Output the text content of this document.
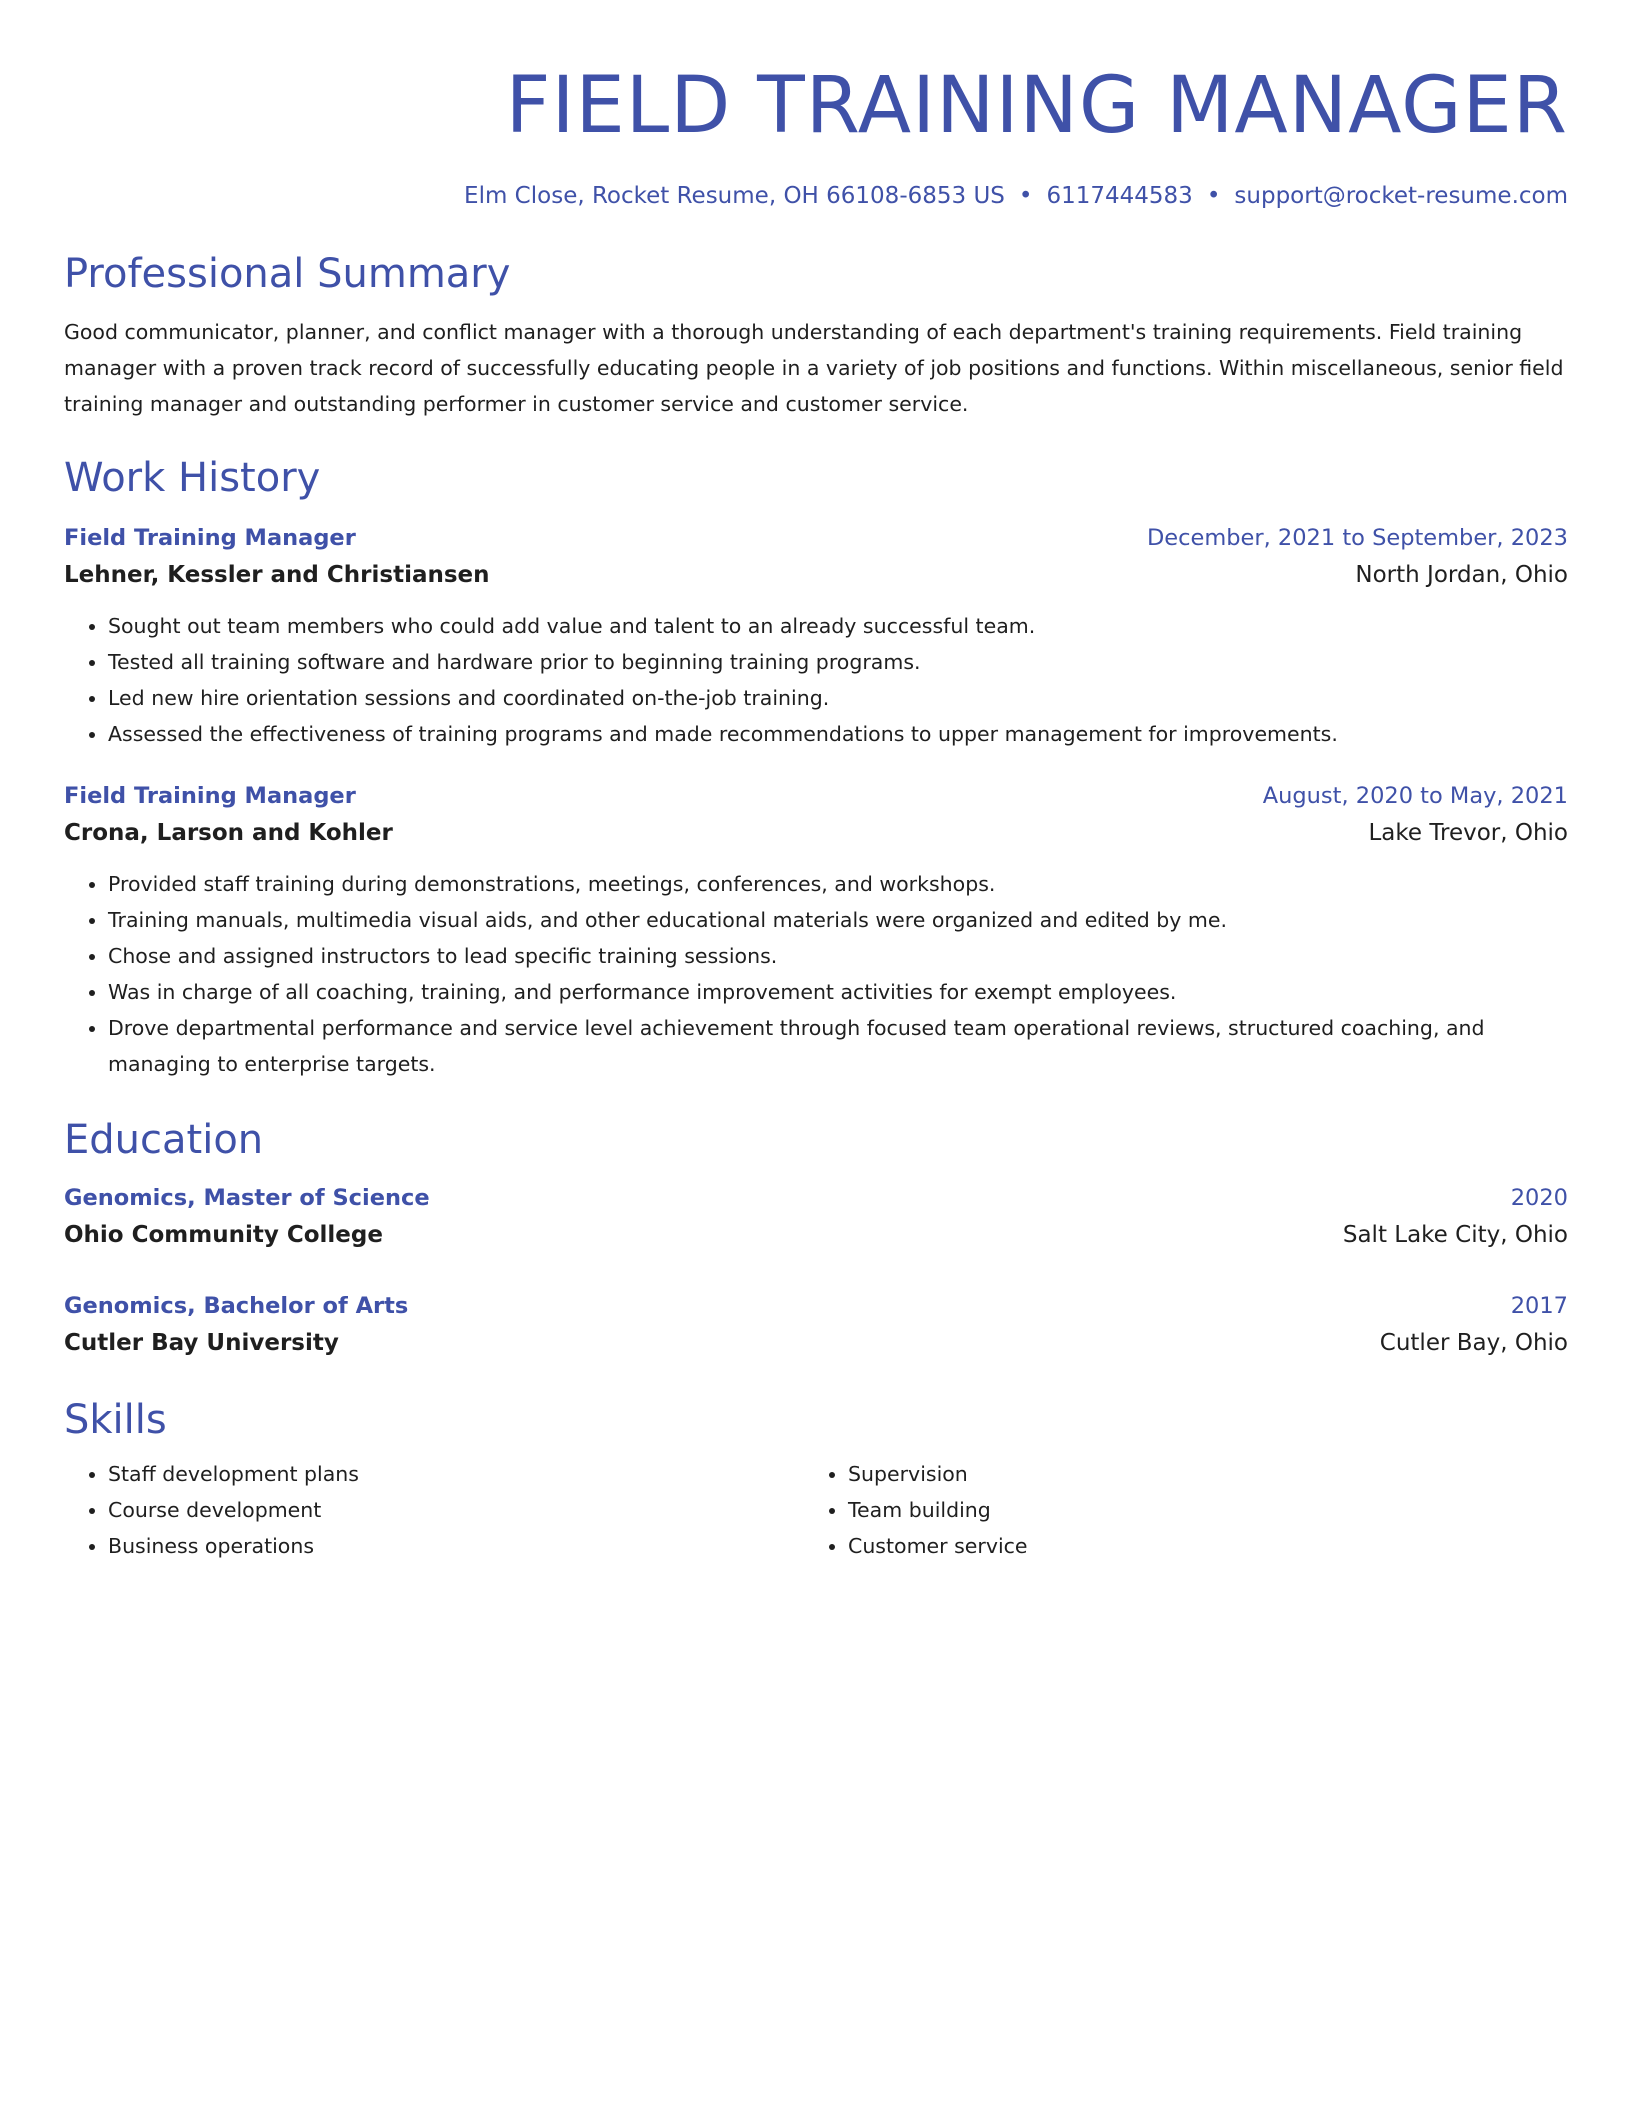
FIELD TRAINING MANAGER
Elm Close, Rocket Resume, OH 66108-6853 US • 6117444583 • support@rocket-resume.com
Professional Summary
Good communicator, planner, and conflict manager with a thorough understanding of each department's training requirements. Field training manager with a proven track record of successfully educating people in a variety of job positions and functions. Within miscellaneous, senior field training manager and outstanding performer in customer service and customer service.
Work History
Field Training Manager	December, 2021 to September, 2023
Lehner, Kessler and Christiansen	North Jordan, Ohio
• Sought out team members who could add value and talent to an already successful team.
• Tested all training software and hardware prior to beginning training programs.
• Led new hire orientation sessions and coordinated on-the-job training.
• Assessed the effectiveness of training programs and made recommendations to upper management for improvements.
Field Training Manager	August, 2020 to May, 2021
Crona, Larson and Kohler	Lake Trevor, Ohio
• Provided staff training during demonstrations, meetings, conferences, and workshops.
• Training manuals, multimedia visual aids, and other educational materials were organized and edited by me.
• Chose and assigned instructors to lead specific training sessions.
• Was in charge of all coaching, training, and performance improvement activities for exempt employees.
• Drove departmental performance and service level achievement through focused team operational reviews, structured coaching, and managing to enterprise targets.
Education
Genomics, Master of Science	2020
Ohio Community College	Salt Lake City, Ohio
Genomics, Bachelor of Arts	2017
Cutler Bay University	Cutler Bay, Ohio
Skills
• Staff development plans
• Course development
• Business operations
• Supervision
• Team building
• Customer service
